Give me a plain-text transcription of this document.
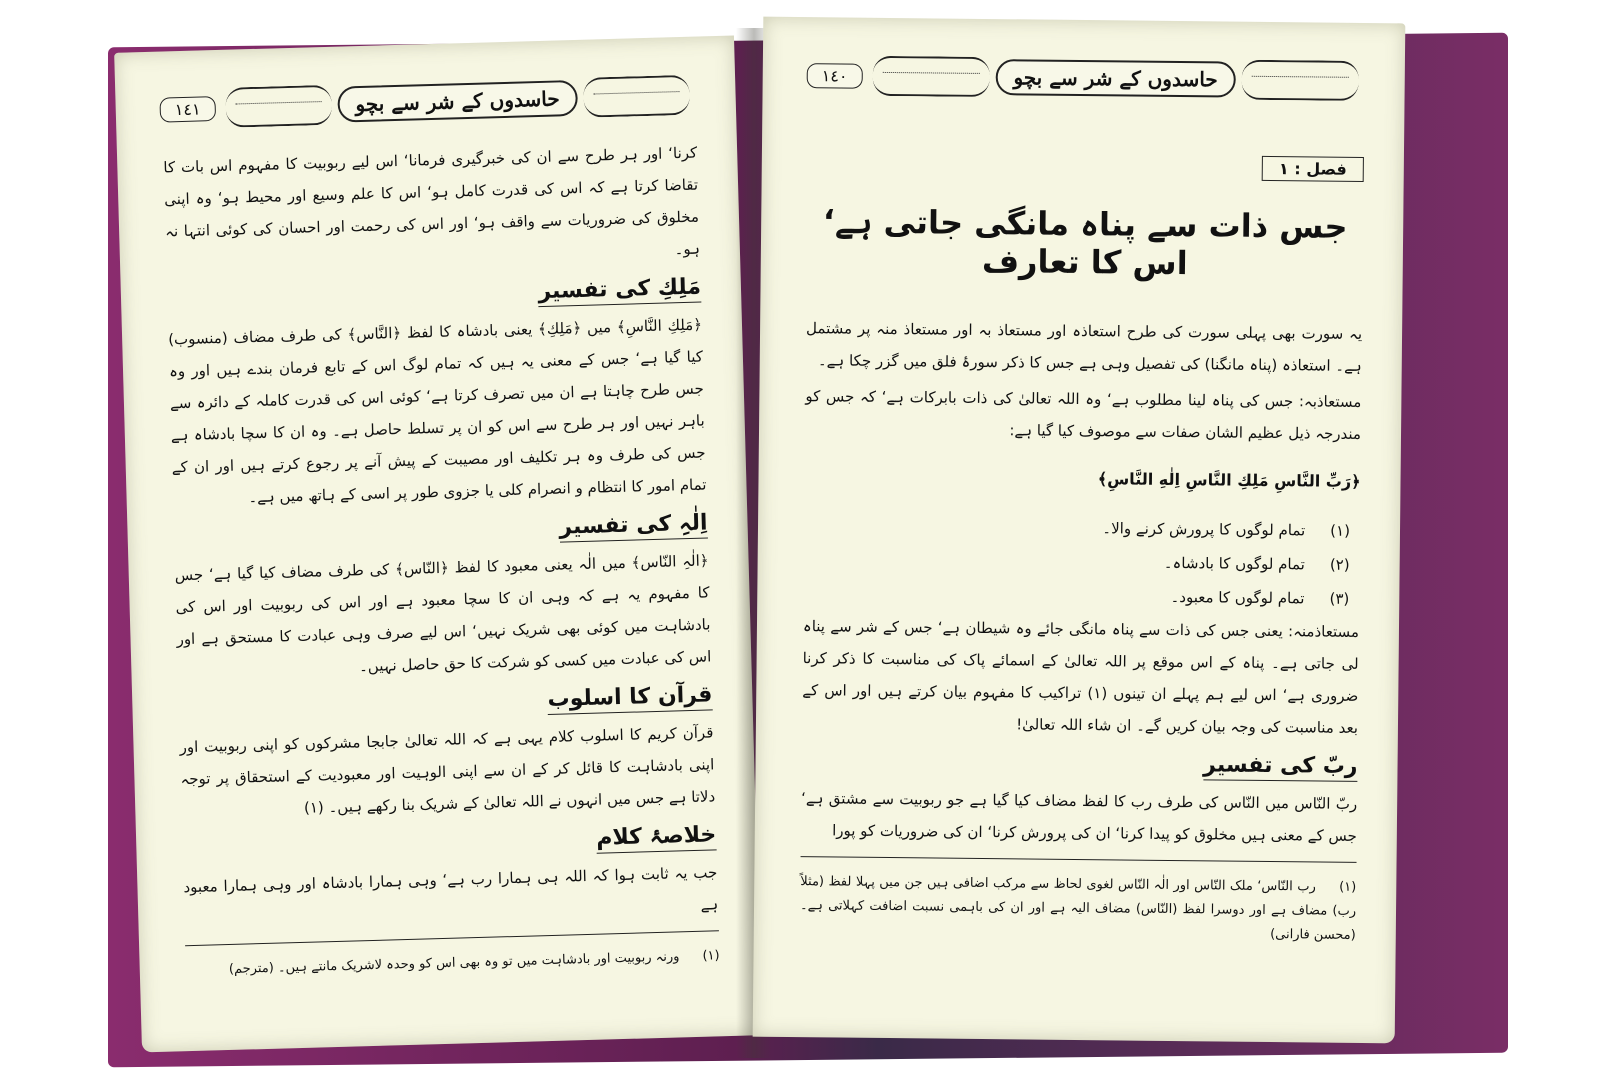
١٤١	حاسدوں کے شر سے بچو

کرنا‘ اور ہر طرح سے ان کی خبرگیری فرمانا‘ اس لیے ربوبیت کا مفہوم اس بات کا تقاضا کرتا ہے کہ اس کی قدرت کامل ہو‘ اس کا علم وسیع اور محیط ہو‘ وہ اپنی مخلوق کی ضروریات سے واقف ہو‘ اور اس کی رحمت اور احسان کی کوئی انتہا نہ ہو۔

مَلِكِ کی تفسیر

﴿مَلِكِ النَّاسِ﴾ میں ﴿مَلِكِ﴾ یعنی بادشاہ کا لفظ ﴿النَّاس﴾ کی طرف مضاف (منسوب) کیا گیا ہے‘ جس کے معنی یہ ہیں کہ تمام لوگ اس کے تابع فرمان بندے ہیں اور وہ جس طرح چاہتا ہے ان میں تصرف کرتا ہے‘ کوئی اس کی قدرت کاملہ کے دائرہ سے باہر نہیں اور ہر طرح سے اس کو ان پر تسلط حاصل ہے۔ وہ ان کا سچا بادشاہ ہے جس کی طرف وہ ہر تکلیف اور مصیبت کے پیش آنے پر رجوع کرتے ہیں اور ان کے تمام امور کا انتظام و انصرام کلی یا جزوی طور پر اسی کے ہاتھ میں ہے۔

اِلٰہِ کی تفسیر

﴿الٰہِ النّاس﴾ میں الٰہ یعنی معبود کا لفظ ﴿النّاس﴾ کی طرف مضاف کیا گیا ہے‘ جس کا مفہوم یہ ہے کہ وہی ان کا سچا معبود ہے اور اس کی ربوبیت اور اس کی بادشاہت میں کوئی بھی شریک نہیں‘ اس لیے صرف وہی عبادت کا مستحق ہے اور اس کی عبادت میں کسی کو شرکت کا حق حاصل نہیں۔

قرآن کا اسلوب

قرآن کریم کا اسلوب کلام یہی ہے کہ اللہ تعالیٰ جابجا مشرکوں کو اپنی ربوبیت اور اپنی بادشاہت کا قائل کر کے ان سے اپنی الوہیت اور معبودیت کے استحقاق پر توجہ دلاتا ہے جس میں انہوں نے اللہ تعالیٰ کے شریک بنا رکھے ہیں۔ (١)

خلاصۂ کلام

جب یہ ثابت ہوا کہ اللہ ہی ہمارا رب ہے‘ وہی ہمارا بادشاہ اور وہی ہمارا معبود ہے

(١) ورنہ ربوبیت اور بادشاہت میں تو وہ بھی اس کو وحدہ لاشریک مانتے ہیں۔ (مترجم)

١٤٠	حاسدوں کے شر سے بچو
فصل : ١
جس ذات سے پناہ مانگی جاتی ہے‘ اس کا تعارف

یہ سورت بھی پہلی سورت کی طرح استعاذہ اور مستعاذ بہ اور مستعاذ منہ پر مشتمل ہے۔ استعاذہ (پناہ مانگنا) کی تفصیل وہی ہے جس کا ذکر سورۂ فلق میں گزر چکا ہے۔

مستعاذبہ: جس کی پناہ لینا مطلوب ہے‘ وہ اللہ تعالیٰ کی ذات بابرکات ہے‘ کہ جس کو مندرجہ ذیل عظیم الشان صفات سے موصوف کیا گیا ہے:

﴿رَبِّ النَّاسِ مَلِكِ النَّاسِ اِلٰهِ النَّاسِ﴾

(١) تمام لوگوں کا پرورش کرنے والا۔
(٢) تمام لوگوں کا بادشاہ۔
(٣) تمام لوگوں کا معبود۔

مستعاذمنہ: یعنی جس کی ذات سے پناہ مانگی جائے وہ شیطان ہے‘ جس کے شر سے پناہ لی جاتی ہے۔ پناہ کے اس موقع پر اللہ تعالیٰ کے اسمائے پاک کی مناسبت کا ذکر کرنا ضروری ہے‘ اس لیے ہم پہلے ان تینوں (١) تراکیب کا مفہوم بیان کرتے ہیں اور اس کے بعد مناسبت کی وجہ بیان کریں گے۔ ان شاء اللہ تعالیٰ!

ربّ کی تفسیر

ربّ النّاس میں النّاس کی طرف رب کا لفظ مضاف کیا گیا ہے جو ربوبیت سے مشتق ہے‘ جس کے معنی ہیں مخلوق کو پیدا کرنا‘ ان کی پرورش کرنا‘ ان کی ضروریات کو پورا

(١) رب النّاس‘ ملک النّاس اور الٰہ النّاس لغوی لحاظ سے مرکب اضافی ہیں جن میں پہلا لفظ (مثلاً رب) مضاف ہے اور دوسرا لفظ (النّاس) مضاف الیہ ہے اور ان کی باہمی نسبت اضافت کہلاتی ہے۔ (محسن فارانی)
